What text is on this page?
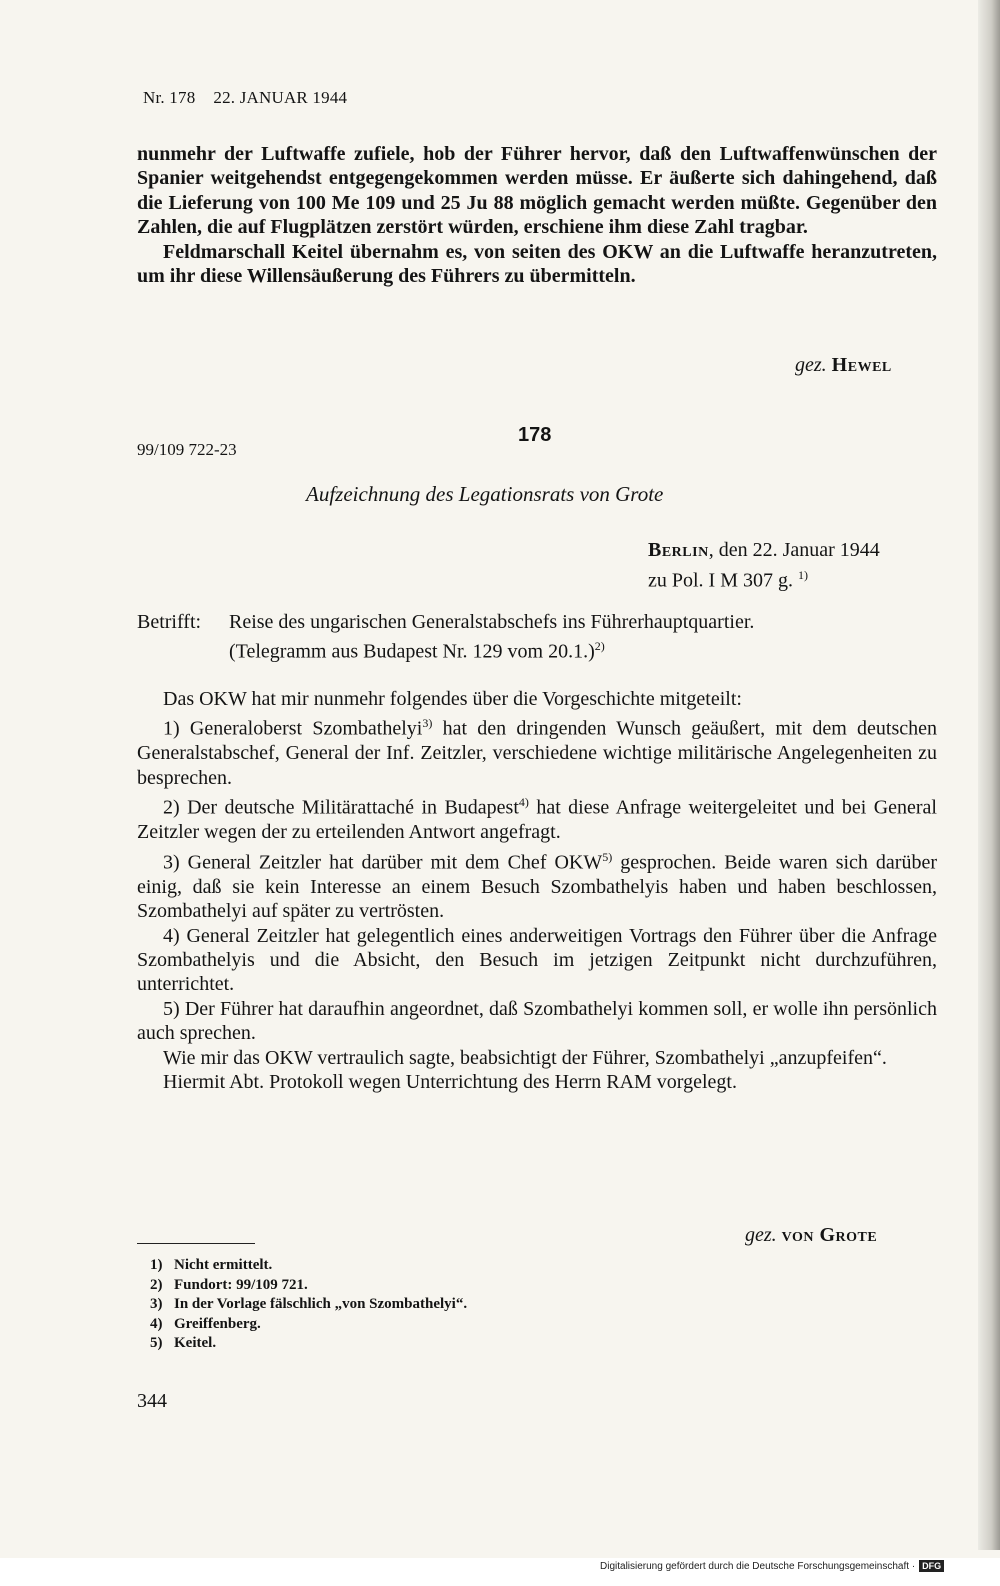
Nr. 178 22. JANUAR 1944

nunmehr der Luftwaffe zufiele, hob der Führer hervor, daß den Luftwaffenwünschen der Spanier weitgehendst entgegengekommen werden müsse. Er äußerte sich dahingehend, daß die Lieferung von 100 Me 109 und 25 Ju 88 möglich gemacht werden müßte. Gegenüber den Zahlen, die auf Flugplätzen zerstört würden, erschiene ihm diese Zahl tragbar.

Feldmarschall Keitel übernahm es, von seiten des OKW an die Luftwaffe heranzutreten, um ihr diese Willensäußerung des Führers zu übermitteln.

gez. Hewel
99/109 722-23
178
Aufzeichnung des Legationsrats von Grote
Berlin, den 22. Januar 1944
zu Pol. I M 307 g. $^{1)}$
Betrifft:	Reise des ungarischen Generalstabschefs ins Führerhauptquartier.
(Telegramm aus Budapest Nr. 129 vom 20.1.)$^{2)}$

Das OKW hat mir nunmehr folgendes über die Vorgeschichte mitgeteilt:

1) Generaloberst Szombathelyi$^{3)}$ hat den dringenden Wunsch geäußert, mit dem deutschen Generalstabschef, General der Inf. Zeitzler, verschiedene wichtige militärische Angelegenheiten zu besprechen.

2) Der deutsche Militärattaché in Budapest$^{4)}$ hat diese Anfrage weitergeleitet und bei General Zeitzler wegen der zu erteilenden Antwort angefragt.

3) General Zeitzler hat darüber mit dem Chef OKW$^{5)}$ gesprochen. Beide waren sich darüber einig, daß sie kein Interesse an einem Besuch Szombathelyis haben und haben beschlossen, Szombathelyi auf später zu vertrösten.

4) General Zeitzler hat gelegentlich eines anderweitigen Vortrags den Führer über die Anfrage Szombathelyis und die Absicht, den Besuch im jetzigen Zeitpunkt nicht durchzuführen, unterrichtet.

5) Der Führer hat daraufhin angeordnet, daß Szombathelyi kommen soll, er wolle ihn persönlich auch sprechen.

Wie mir das OKW vertraulich sagte, beabsichtigt der Führer, Szombathelyi „anzupfeifen“.

Hiermit Abt. Protokoll wegen Unterrichtung des Herrn RAM vorgelegt.

gez. von Grote
1) Nicht ermittelt.
2) Fundort: 99/109 721.
3) In der Vorlage fälschlich „von Szombathelyi“.
4) Greiffenberg.
5) Keitel.
344
Digitalisierung gefördert durch die Deutsche Forschungsgemeinschaft · DFG
